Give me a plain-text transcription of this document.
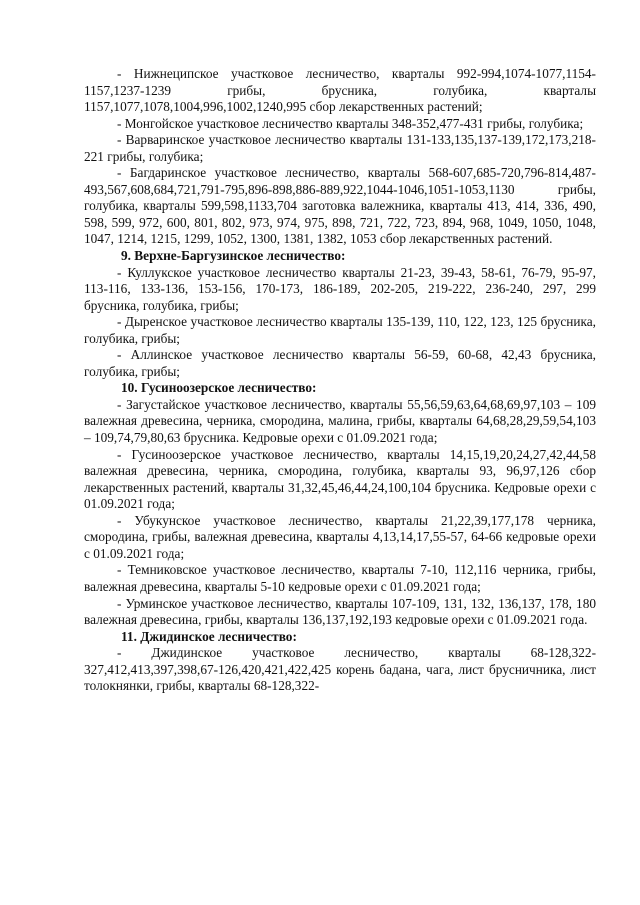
- Нижнеципское участковое лесничество, кварталы 992-994,1074-1077,1154-1157,1237-1239 грибы, брусника, голубика, кварталы 1157,1077,1078,1004,996,1002,1240,995 сбор лекарственных растений;

- Монгойское участковое лесничество кварталы 348-352,477-431 грибы, голубика;

- Варваринское участковое лесничество кварталы 131-133,135,137-139,172,173,218-221 грибы, голубика;

- Багдаринское участковое лесничество, кварталы 568-607,685-720,796-814,487-493,567,608,684,721,791-795,896-898,886-889,922,1044-1046,1051-1053,1130 грибы, голубика, кварталы 599,598,1133,704 заготовка валежника, кварталы 413, 414, 336, 490, 598, 599, 972, 600, 801, 802, 973, 974, 975, 898, 721, 722, 723, 894, 968, 1049, 1050, 1048, 1047, 1214, 1215, 1299, 1052, 1300, 1381, 1382, 1053 сбор лекарственных растений.

9. Верхне-Баргузинское лесничество:

- Куллукское участковое лесничество кварталы 21-23, 39-43, 58-61, 76-79, 95-97, 113-116, 133-136, 153-156, 170-173, 186-189, 202-205, 219-222, 236-240, 297, 299 брусника, голубика, грибы;

- Дыренское участковое лесничество кварталы 135-139, 110, 122, 123, 125 брусника, голубика, грибы;

- Аллинское участковое лесничество кварталы 56-59, 60-68, 42,43 брусника, голубика, грибы;

10. Гусиноозерское лесничество:

- Загустайское участковое лесничество, кварталы 55,56,59,63,64,68,69,97,103 – 109 валежная древесина, черника, смородина, малина, грибы, кварталы 64,68,28,29,59,54,103 – 109,74,79,80,63 брусника. Кедровые орехи с 01.09.2021 года;

- Гусиноозерское участковое лесничество, кварталы 14,15,19,20,24,27,42,44,58 валежная древесина, черника, смородина, голубика, кварталы 93, 96,97,126 сбор лекарственных растений, кварталы 31,32,45,46,44,24,100,104 брусника. Кедровые орехи с 01.09.2021 года;

- Убукунское участковое лесничество, кварталы 21,22,39,177,178 черника, смородина, грибы, валежная древесина, кварталы 4,13,14,17,55-57, 64-66 кедровые орехи с 01.09.2021 года;

- Темниковское участковое лесничество, кварталы 7-10, 112,116 черника, грибы, валежная древесина, кварталы 5-10 кедровые орехи с 01.09.2021 года;

- Урминское участковое лесничество, кварталы 107-109, 131, 132, 136,137, 178, 180 валежная древесина, грибы, кварталы 136,137,192,193 кедровые орехи с 01.09.2021 года.

11. Джидинское лесничество:

- Джидинское участковое лесничество, кварталы 68-128,322-327,412,413,397,398,67-126,420,421,422,425 корень бадана, чага, лист брусничника, лист толокнянки, грибы, кварталы 68-128,322-
